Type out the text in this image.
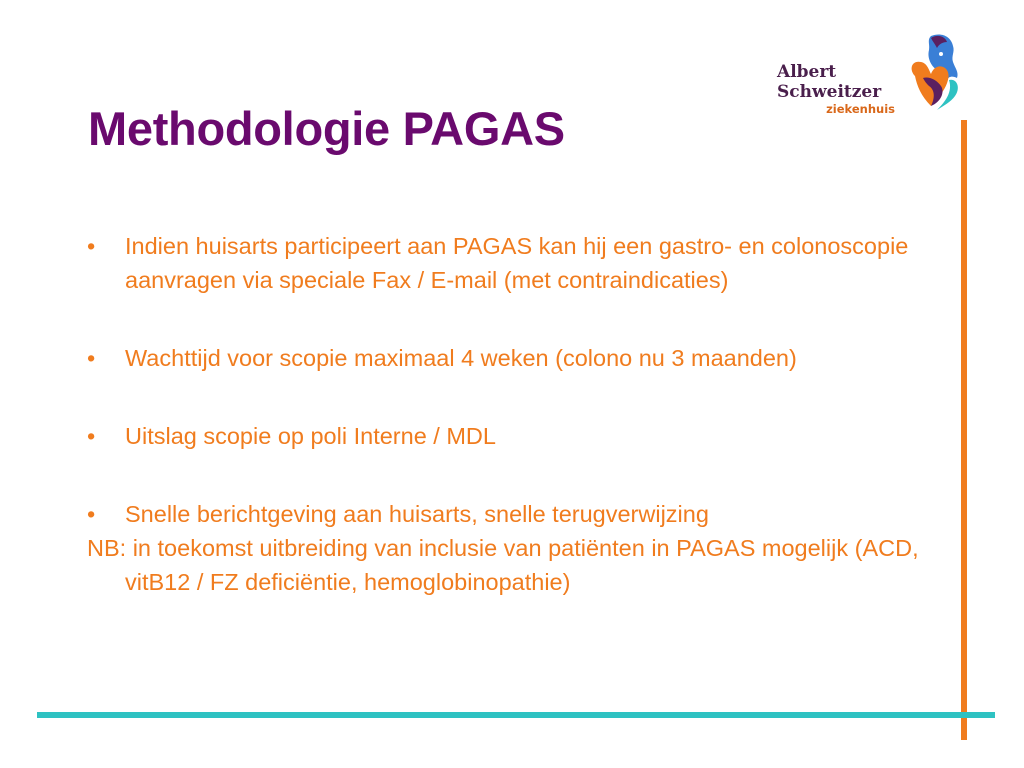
Methodologie PAGAS
Albert
Schweitzer
ziekenhuis
•	Indien huisarts participeert aan PAGAS kan hij een gastro- en colonoscopie aanvragen via speciale Fax / E-mail (met contraindicaties)
•	Wachttijd voor scopie maximaal 4 weken (colono nu 3 maanden)
•	Uitslag scopie op poli Interne / MDL
•	Snelle berichtgeving aan huisarts, snelle terugverwijzing

NB: in toekomst uitbreiding van inclusie van patiënten in PAGAS mogelijk (ACD, vitB12 / FZ deficiëntie, hemoglobinopathie)
